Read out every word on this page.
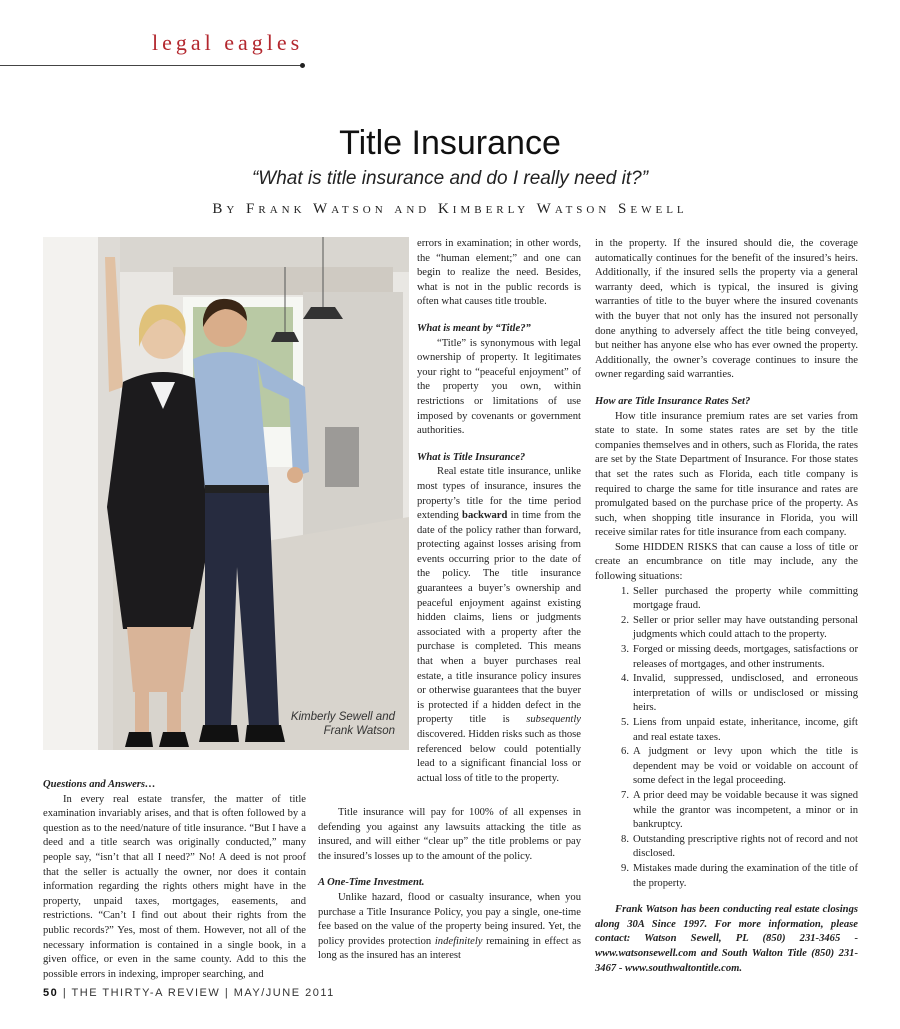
legal eagles
Title Insurance
“What is title insurance and do I really need it?”
By Frank Watson and Kimberly Watson Sewell
Kimberly Sewell and
Frank Watson
Questions and Answers…

In every real estate transfer, the matter of title examination invariably arises, and that is often followed by a question as to the need/nature of title insurance. “But I have a deed and a title search was originally conducted,” many people say, “isn’t that all I need?” No! A deed is not proof that the seller is actually the owner, nor does it contain information regarding the rights others might have in the property, unpaid taxes, mortgages, easements, and restrictions. “Can’t I find out about their rights from the public records?” Yes, most of them. However, not all of the necessary information is contained in a single book, in a given office, or even in the same county. Add to this the possible errors in indexing, improper searching, and

errors in examination; in other words, the “human element;” and one can begin to realize the need. Besides, what is not in the public records is often what causes title trouble.

What is meant by “Title?”

“Title” is synonymous with legal ownership of property. It legitimates your right to “peaceful enjoyment” of the property you own, within restrictions or limitations of use imposed by covenants or government authorities.

What is Title Insurance?

Real estate title insurance, unlike most types of insurance, insures the property’s title for the time period extending backward in time from the date of the policy rather than forward, protecting against losses arising from events occurring prior to the date of the policy. The title insurance guarantees a buyer’s ownership and peaceful enjoyment against existing hidden claims, liens or judgments associated with a property after the purchase is completed. This means that when a buyer purchases real estate, a title insurance policy insures or otherwise guarantees that the buyer is protected if a hidden defect in the property title is subsequently discovered. Hidden risks such as those referenced below could potentially lead to a significant financial loss or actual loss of title to the property.

Title insurance will pay for 100% of all expenses in defending you against any lawsuits attacking the title as insured, and will either “clear up” the title problems or pay the insured’s losses up to the amount of the policy.

A One-Time Investment.

Unlike hazard, flood or casualty insurance, when you purchase a Title Insurance Policy, you pay a single, one-time fee based on the value of the property being insured. Yet, the policy provides protection indefinitely remaining in effect as long as the insured has an interest

in the property. If the insured should die, the coverage automatically continues for the benefit of the insured’s heirs. Additionally, if the insured sells the property via a general warranty deed, which is typical, the insured is giving warranties of title to the buyer where the insured covenants with the buyer that not only has the insured not personally done anything to adversely affect the title being conveyed, but neither has anyone else who has ever owned the property. Additionally, the owner’s coverage continues to insure the owner regarding said warranties.

How are Title Insurance Rates Set?

How title insurance premium rates are set varies from state to state. In some states rates are set by the title companies themselves and in others, such as Florida, the rates are set by the State Department of Insurance. For those states that set the rates such as Florida, each title company is required to charge the same for title insurance and rates are promulgated based on the purchase price of the property. As such, when shopping title insurance in Florida, you will receive similar rates for title insurance from each company.

Some HIDDEN RISKS that can cause a loss of title or create an encumbrance on title may include, any the following situations:

1. Seller purchased the property while committing mortgage fraud.
2. Seller or prior seller may have outstanding personal judgments which could attach to the property.
3. Forged or missing deeds, mortgages, satisfactions or releases of mortgages, and other instruments.
4. Invalid, suppressed, undisclosed, and erroneous interpretation of wills or undisclosed or missing heirs.
5. Liens from unpaid estate, inheritance, income, gift and real estate taxes.
6. A judgment or levy upon which the title is dependent may be void or voidable on account of some defect in the legal proceeding.
7. A prior deed may be voidable because it was signed while the grantor was incompetent, a minor or in bankruptcy.
8. Outstanding prescriptive rights not of record and not disclosed.
9. Mistakes made during the examination of the title of the property.

Frank Watson has been conducting real estate closings along 30A Since 1997. For more information, please contact: Watson Sewell, PL (850) 231-3465 - www.watsonsewell.com and South Walton Title (850) 231-3467 - www.southwaltontitle.com.

50 | THE THIRTY-A REVIEW | MAY/JUNE 2011
